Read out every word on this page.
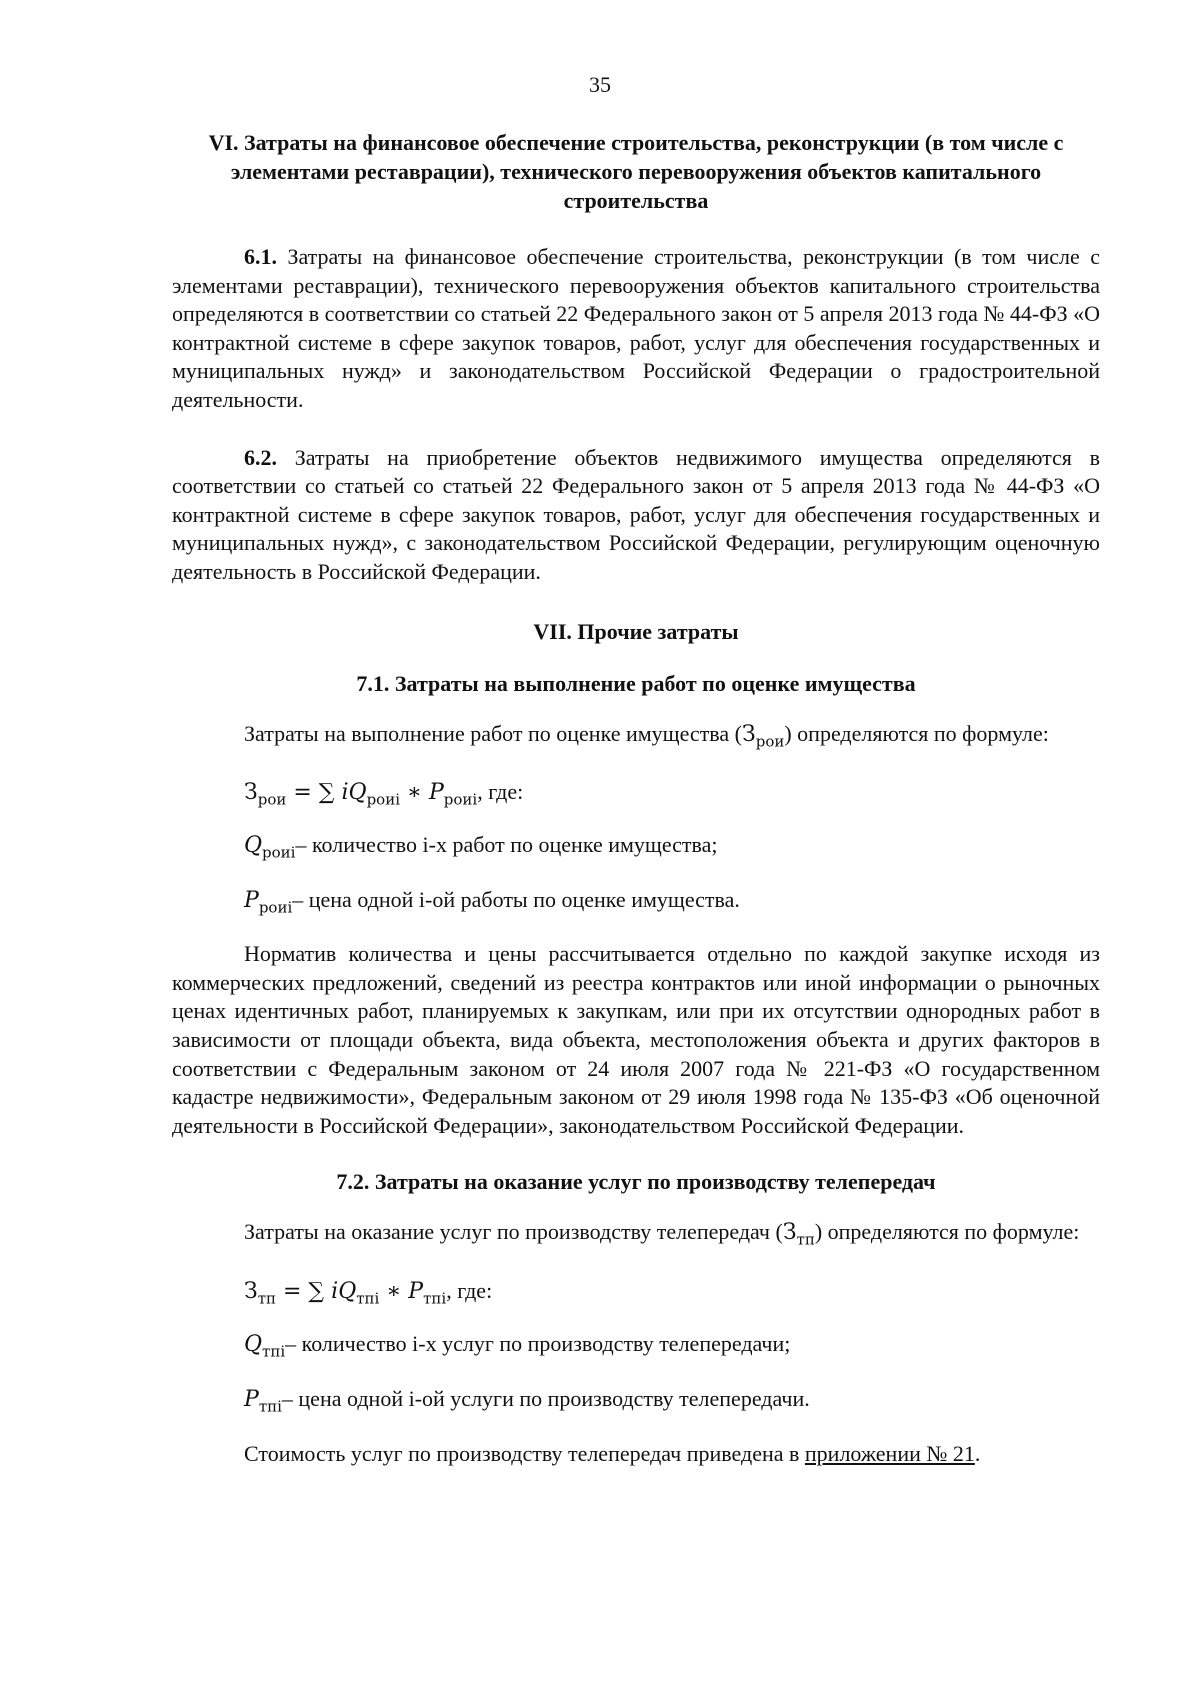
35
VI. Затраты на финансовое обеспечение строительства, реконструкции (в том числе с элементами реставрации), технического перевооружения объектов капитального строительства

6.1. Затраты на финансовое обеспечение строительства, реконструкции (в том числе с элементами реставрации), технического перевооружения объектов капитального строительства определяются в соответствии со статьей 22 Федерального закон от 5 апреля 2013 года № 44-ФЗ «О контрактной системе в сфере закупок товаров, работ, услуг для обеспечения государственных и муниципальных нужд» и законодательством Российской Федерации о градостроительной деятельности.

6.2. Затраты на приобретение объектов недвижимого имущества определяются в соответствии со статьей со статьей 22 Федерального закон от 5 апреля 2013 года № 44-ФЗ «О контрактной системе в сфере закупок товаров, работ, услуг для обеспечения государственных и муниципальных нужд», с законодательством Российской Федерации, регулирующим оценочную деятельность в Российской Федерации.

VII. Прочие затраты
7.1. Затраты на выполнение работ по оценке имущества

Затраты на выполнение работ по оценке имущества $(З_{рои})$ определяются по формуле:

$З_{рои}$ = ∑ $iQ_{роиi}$ ∗ $P_{роиi}$, где:
$Q_{роиi}-$ количество i-х работ по оценке имущества;
$P_{роиi}-$ цена одной i-ой работы по оценке имущества.

Норматив количества и цены рассчитывается отдельно по каждой закупке исходя из коммерческих предложений, сведений из реестра контрактов или иной информации о рыночных ценах идентичных работ, планируемых к закупкам, или при их отсутствии однородных работ в зависимости от площади объекта, вида объекта, местоположения объекта и других факторов в соответствии с Федеральным законом от 24 июля 2007 года № 221-ФЗ «О государственном кадастре недвижимости», Федеральным законом от 29 июля 1998 года № 135-ФЗ «Об оценочной деятельности в Российской Федерации», законодательством Российской Федерации.

7.2. Затраты на оказание услуг по производству телепередач

Затраты на оказание услуг по производству телепередач $(З_{тп})$ определяются по формуле:

$З_{тп}$ = ∑ $iQ_{тпi}$ ∗ $P_{тпi}$, где:
$Q_{тпi}-$ количество i-х услуг по производству телепередачи;
$P_{тпi}-$ цена одной i-ой услуги по производству телепередачи.
Стоимость услуг по производству телепередач приведена в приложении № 21.
